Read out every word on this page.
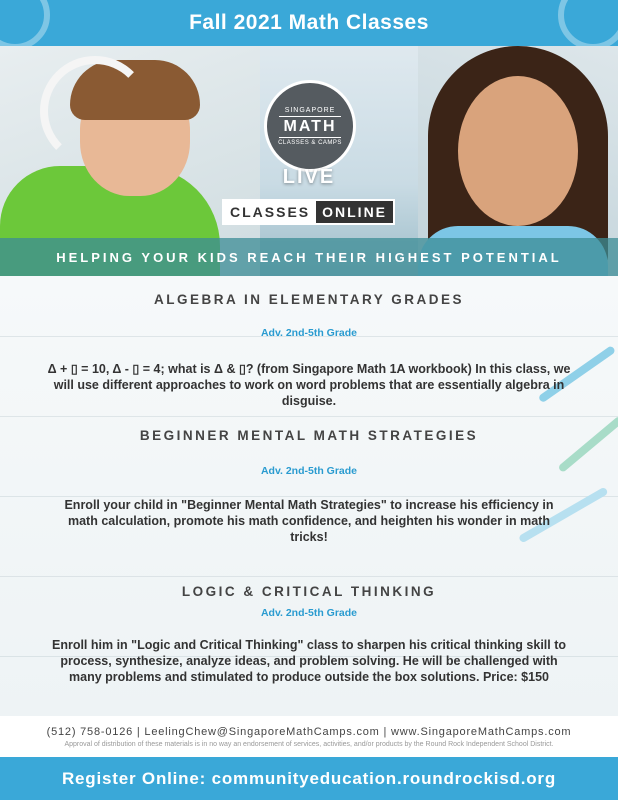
Fall 2021 Math Classes
SINGAPORE
MATH
CLASSES & CAMPS
LIVE
CLASSES ONLINE
HELPING YOUR KIDS REACH THEIR HIGHEST POTENTIAL
ALGEBRA IN ELEMENTARY GRADES
Adv. 2nd-5th Grade
Δ + ▯ = 10, Δ - ▯ = 4; what is Δ & ▯? (from Singapore Math 1A workbook) In this class, we will use different approaches to work on word problems that are essentially algebra in disguise.
BEGINNER MENTAL MATH STRATEGIES
Adv. 2nd-5th Grade
Enroll your child in "Beginner Mental Math Strategies" to increase his efficiency in math calculation, promote his math confidence, and heighten his wonder in math tricks!
LOGIC & CRITICAL THINKING
Adv. 2nd-5th Grade
Enroll him in "Logic and Critical Thinking" class to sharpen his critical thinking skill to process, synthesize, analyze ideas, and problem solving. He will be challenged with many problems and stimulated to produce outside the box solutions. Price: $150
(512) 758-0126 | LeelingChew@SingaporeMathCamps.com | www.SingaporeMathCamps.com
Approval of distribution of these materials is in no way an endorsement of services, activities, and/or products by the Round Rock Independent School District.
Register Online: communityeducation.roundrockisd.org
